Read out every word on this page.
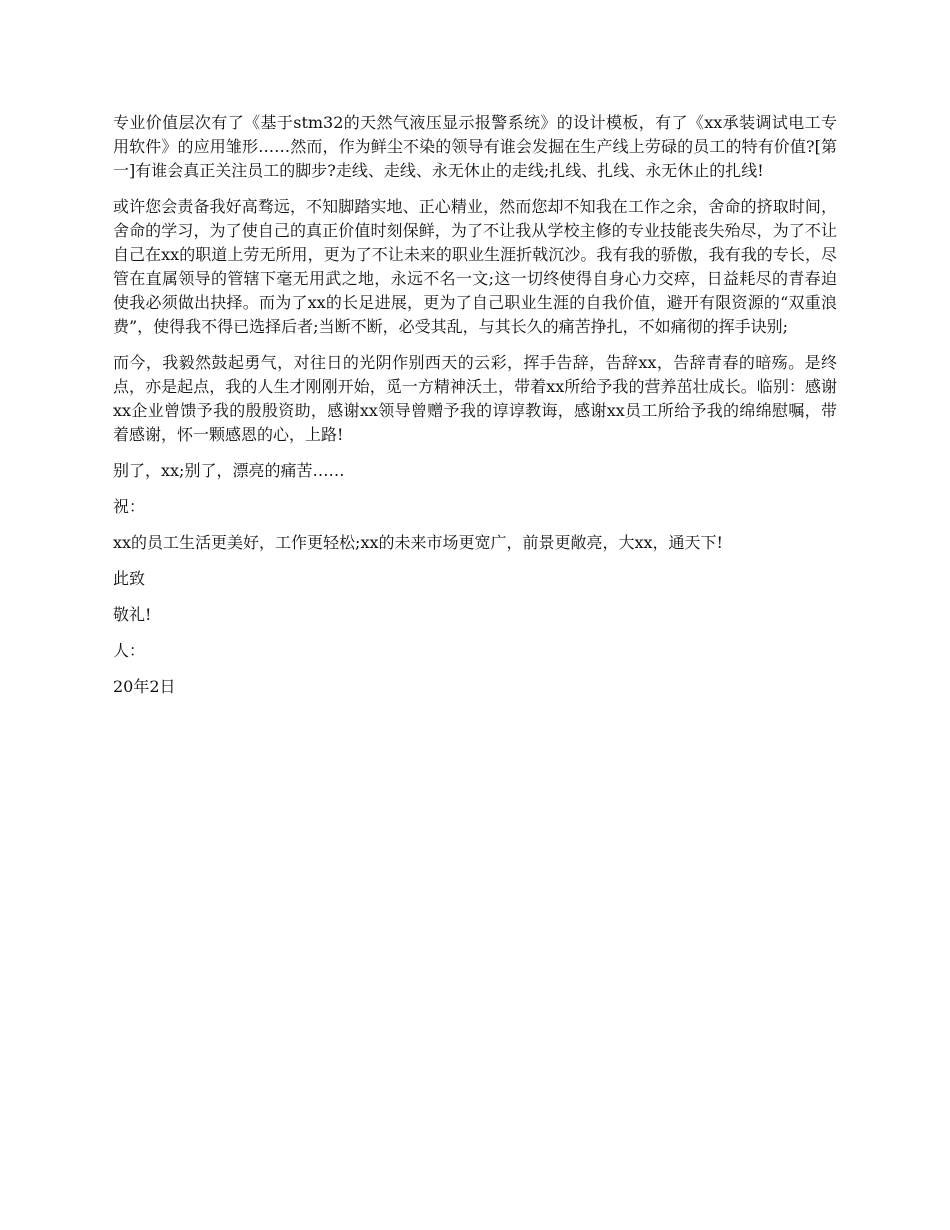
专业价值层次有了《基于stm32的天然气液压显示报警系统》的设计模板，有了《xx承装调试电工专用软件》的应用雏形……然而，作为鲜尘不染的领导有谁会发掘在生产线上劳碌的员工的特有价值?[第一]有谁会真正关注员工的脚步?走线、走线、永无休止的走线;扎线、扎线、永无休止的扎线!

或许您会责备我好高骛远，不知脚踏实地、正心精业，然而您却不知我在工作之余，舍命的挤取时间，舍命的学习，为了使自己的真正价值时刻保鲜，为了不让我从学校主修的专业技能丧失殆尽，为了不让自己在xx的职道上劳无所用，更为了不让未来的职业生涯折戟沉沙。我有我的骄傲，我有我的专长，尽管在直属领导的管辖下毫无用武之地，永远不名一文;这一切终使得自身心力交瘁，日益耗尽的青春迫使我必须做出抉择。而为了xx的长足进展，更为了自己职业生涯的自我价值，避开有限资源的“双重浪费”，使得我不得已选择后者;当断不断，必受其乱，与其长久的痛苦挣扎，不如痛彻的挥手诀别;

而今，我毅然鼓起勇气，对往日的光阴作别西天的云彩，挥手告辞，告辞xx，告辞青春的暗殇。是终点，亦是起点，我的人生才刚刚开始，觅一方精神沃土，带着xx所给予我的营养茁壮成长。临别：感谢xx企业曾馈予我的殷殷资助，感谢xx领导曾赠予我的谆谆教诲，感谢xx员工所给予我的绵绵慰嘱，带着感谢，怀一颗感恩的心，上路!

别了，xx;别了，漂亮的痛苦……

祝：

xx的员工生活更美好，工作更轻松;xx的未来市场更宽广，前景更敞亮，大xx，通天下!

此致

敬礼!

人：

20年2日
